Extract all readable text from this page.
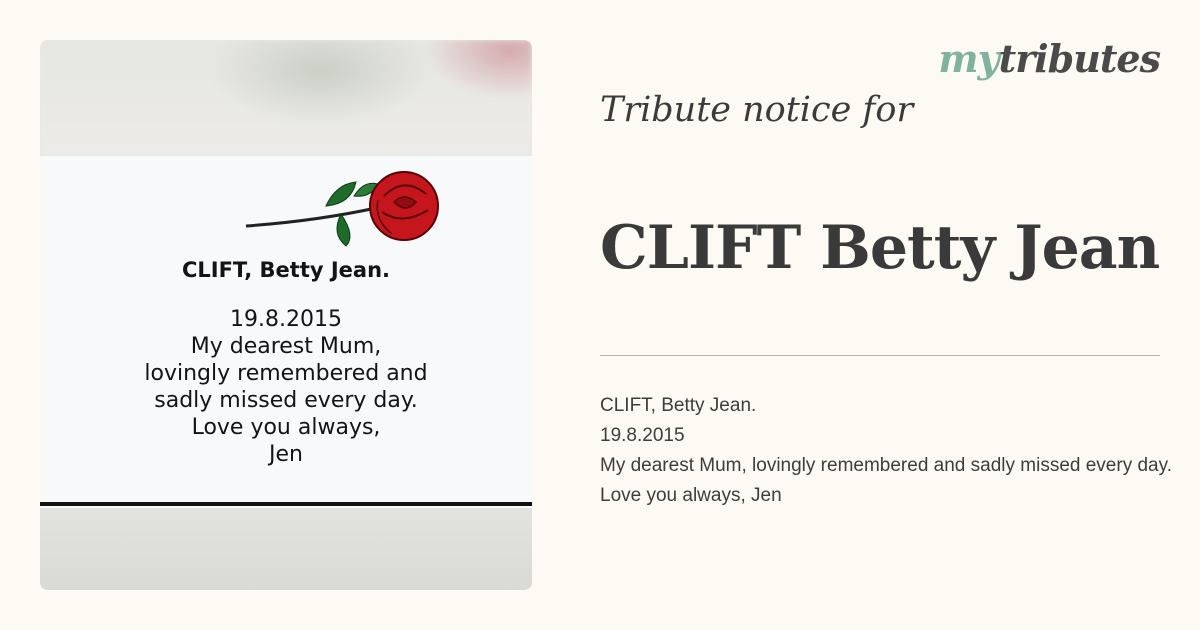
CLIFT, Betty Jean.
19.8.2015
My dearest Mum,
lovingly remembered and
sadly missed every day.
Love you always,
Jen
mytributes
Tribute notice for
CLIFT Betty Jean
CLIFT, Betty Jean.
19.8.2015
My dearest Mum, lovingly remembered and sadly missed every day.
Love you always, Jen
